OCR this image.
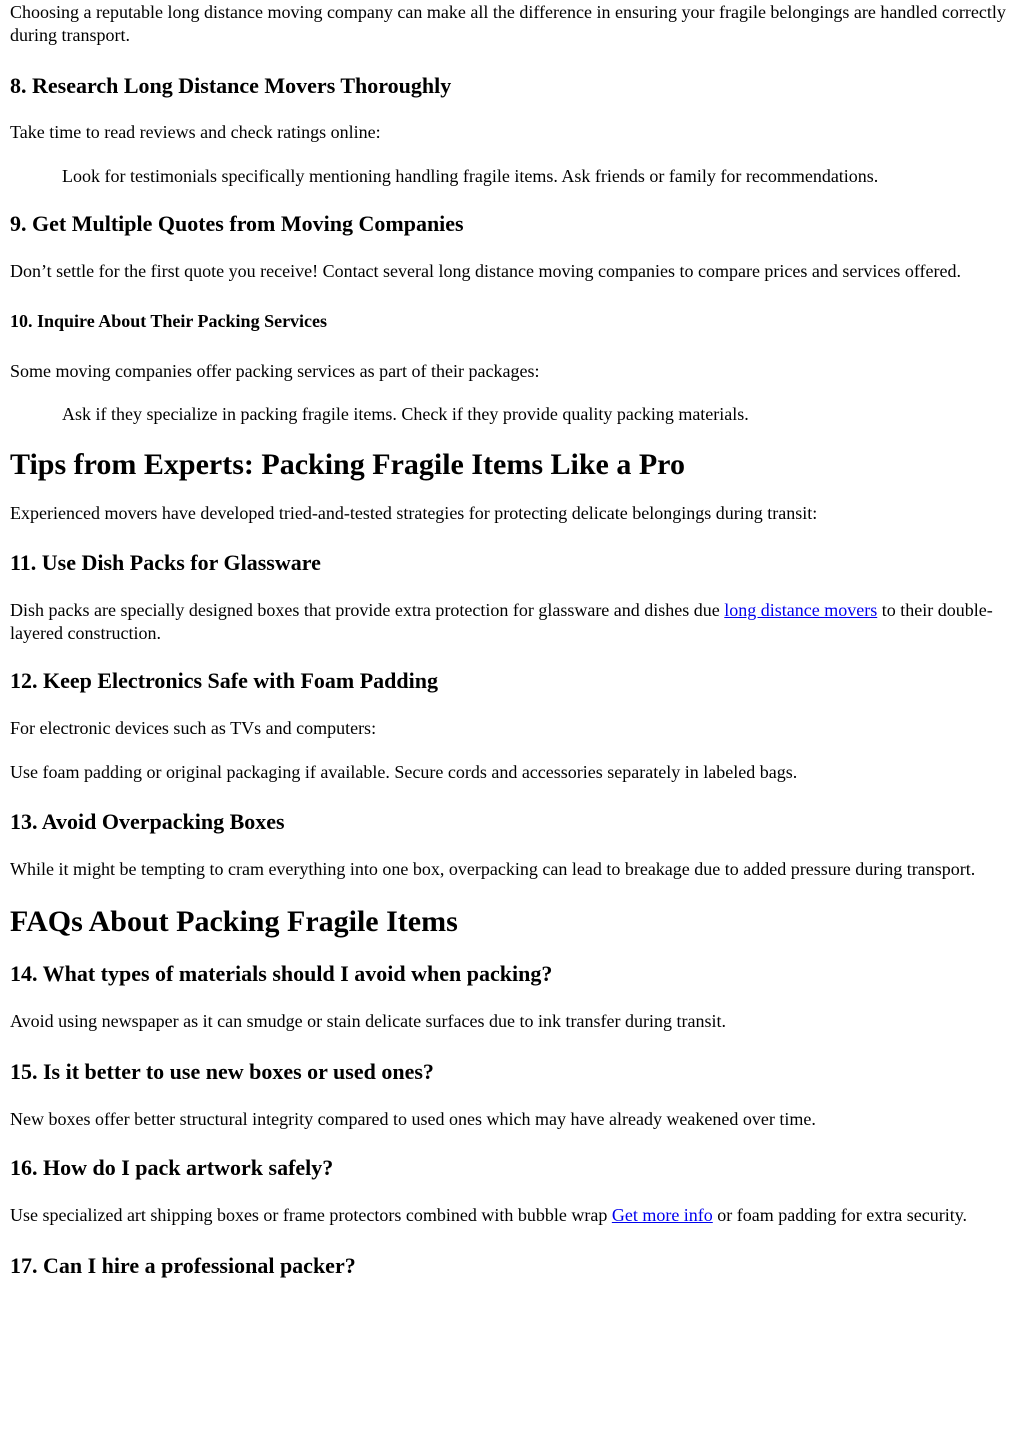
Choosing a reputable long distance moving company can make all the difference in ensuring your fragile belongings are handled correctly during transport.

8. Research Long Distance Movers Thoroughly

Take time to read reviews and check ratings online:

Look for testimonials specifically mentioning handling fragile items. Ask friends or family for recommendations.

9. Get Multiple Quotes from Moving Companies

Don’t settle for the first quote you receive! Contact several long distance moving companies to compare prices and services offered.

10. Inquire About Their Packing Services

Some moving companies offer packing services as part of their packages:

Ask if they specialize in packing fragile items. Check if they provide quality packing materials.

Tips from Experts: Packing Fragile Items Like a Pro

Experienced movers have developed tried-and-tested strategies for protecting delicate belongings during transit:

11. Use Dish Packs for Glassware

Dish packs are specially designed boxes that provide extra protection for glassware and dishes due long distance movers to their double-layered construction.

12. Keep Electronics Safe with Foam Padding

For electronic devices such as TVs and computers:

Use foam padding or original packaging if available. Secure cords and accessories separately in labeled bags.

13. Avoid Overpacking Boxes

While it might be tempting to cram everything into one box, overpacking can lead to breakage due to added pressure during transport.

FAQs About Packing Fragile Items
14. What types of materials should I avoid when packing?

Avoid using newspaper as it can smudge or stain delicate surfaces due to ink transfer during transit.

15. Is it better to use new boxes or used ones?

New boxes offer better structural integrity compared to used ones which may have already weakened over time.

16. How do I pack artwork safely?

Use specialized art shipping boxes or frame protectors combined with bubble wrap Get more info or foam padding for extra security.

17. Can I hire a professional packer?
